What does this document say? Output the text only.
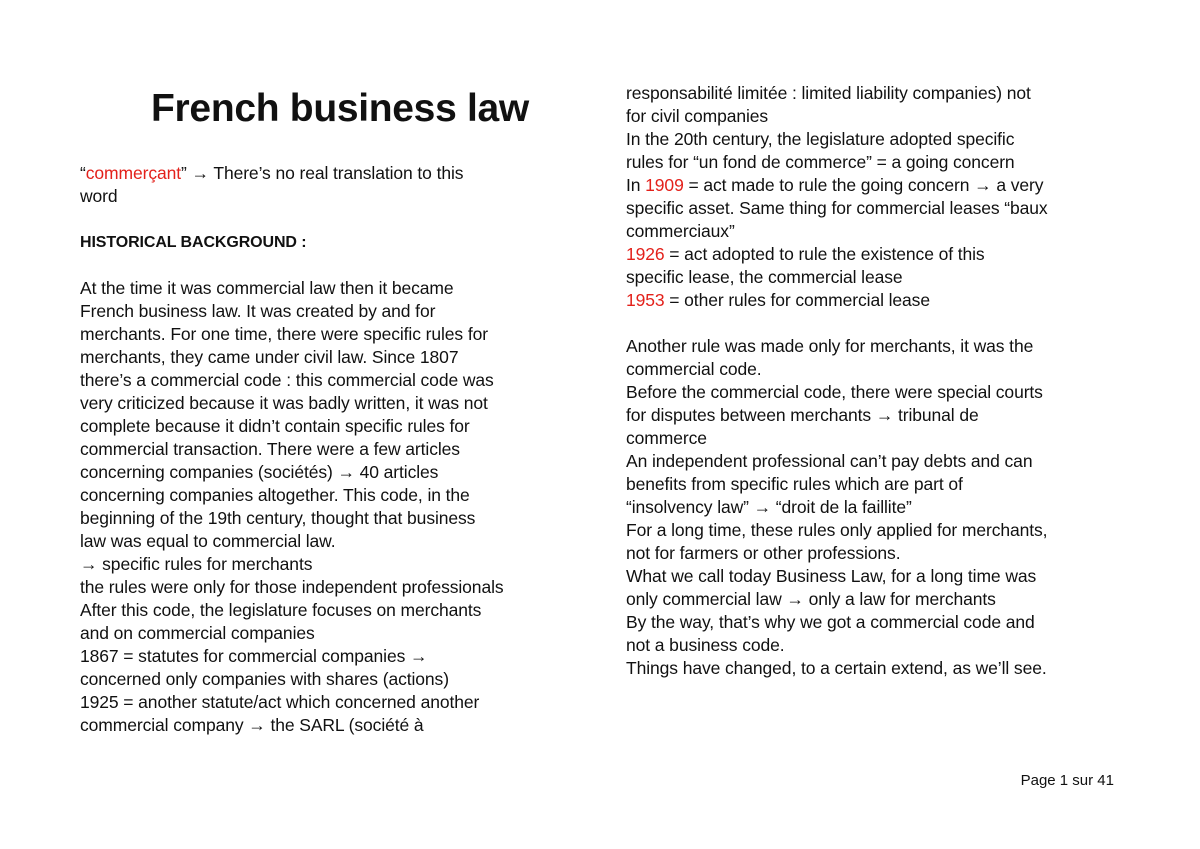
French business law
“commerçant” → There’s no real translation to this
word
HISTORICAL BACKGROUND :
At the time it was commercial law then it became
French business law. It was created by and for
merchants. For one time, there were specific rules for
merchants, they came under civil law. Since 1807
there’s a commercial code : this commercial code was
very criticized because it was badly written, it was not
complete because it didn’t contain specific rules for
commercial transaction. There were a few articles
concerning companies (sociétés) → 40 articles
concerning companies altogether. This code, in the
beginning of the 19th century, thought that business
law was equal to commercial law.
→ specific rules for merchants
the rules were only for those independent professionals
After this code, the legislature focuses on merchants
and on commercial companies
1867 = statutes for commercial companies →
concerned only companies with shares (actions)
1925 = another statute/act which concerned another
commercial company → the SARL (société à
responsabilité limitée : limited liability companies) not
for civil companies
In the 20th century, the legislature adopted specific
rules for “un fond de commerce” = a going concern
In 1909 = act made to rule the going concern → a very
specific asset. Same thing for commercial leases “baux
commerciaux”
1926 = act adopted to rule the existence of this
specific lease, the commercial lease
1953 = other rules for commercial lease
Another rule was made only for merchants, it was the
commercial code.
Before the commercial code, there were special courts
for disputes between merchants → tribunal de
commerce
An independent professional can’t pay debts and can
benefits from specific rules which are part of
“insolvency law” → “droit de la faillite”
For a long time, these rules only applied for merchants,
not for farmers or other professions.
What we call today Business Law, for a long time was
only commercial law → only a law for merchants
By the way, that’s why we got a commercial code and
not a business code.
Things have changed, to a certain extend, as we’ll see.
Page 1 sur 41
